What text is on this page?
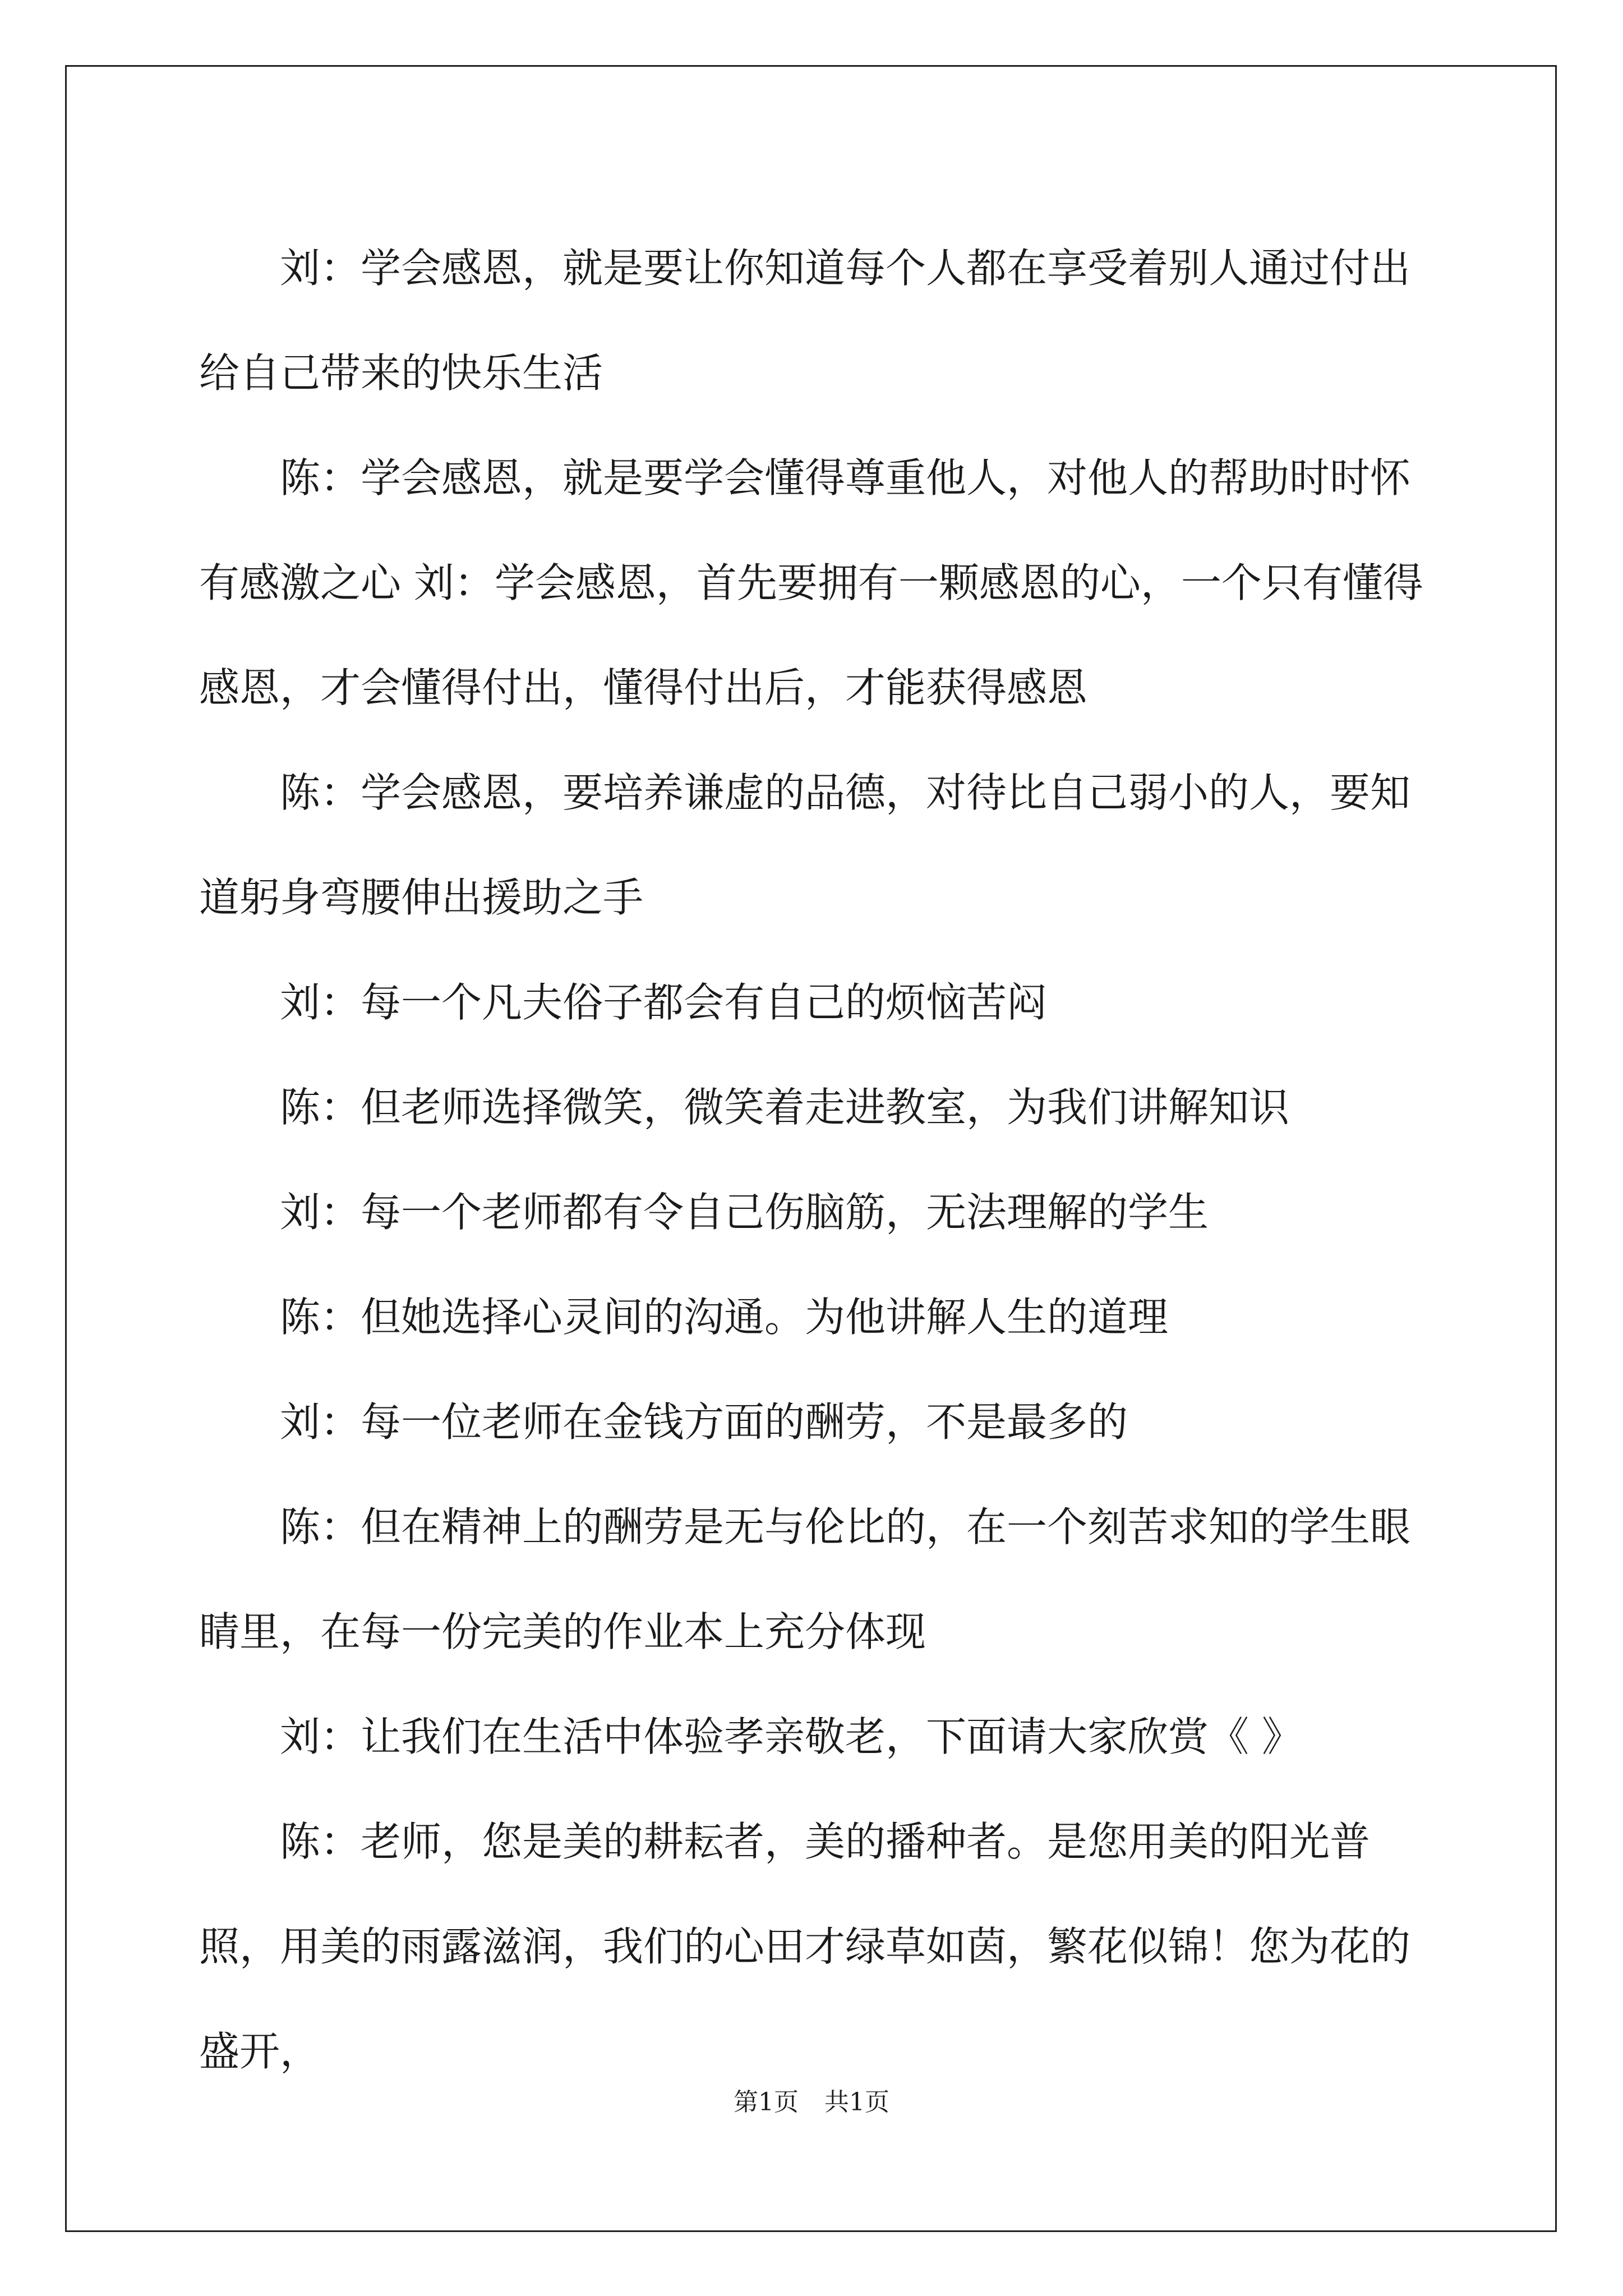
刘：学会感恩，就是要让你知道每个人都在享受着别人通过付出给自己带来的快乐生活

陈：学会感恩，就是要学会懂得尊重他人，对他人的帮助时时怀有感激之心 刘：学会感恩，首先要拥有一颗感恩的心，一个只有懂得感恩，才会懂得付出，懂得付出后，才能获得感恩

陈：学会感恩，要培养谦虚的品德，对待比自己弱小的人，要知道躬身弯腰伸出援助之手

刘：每一个凡夫俗子都会有自己的烦恼苦闷

陈：但老师选择微笑，微笑着走进教室，为我们讲解知识

刘：每一个老师都有令自己伤脑筋，无法理解的学生

陈：但她选择心灵间的沟通。为他讲解人生的道理

刘：每一位老师在金钱方面的酬劳，不是最多的

陈：但在精神上的酬劳是无与伦比的，在一个刻苦求知的学生眼睛里，在每一份完美的作业本上充分体现

刘：让我们在生活中体验孝亲敬老，下面请大家欣赏《 》

陈：老师，您是美的耕耘者，美的播种者。是您用美的阳光普照，用美的雨露滋润，我们的心田才绿草如茵，繁花似锦！您为花的盛开，

第1页 共1页
